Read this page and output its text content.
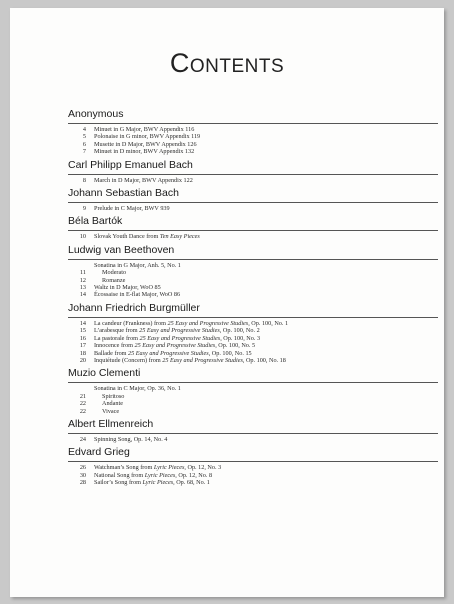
Contents
Anonymous
4 Minuet in G Major, BWV Appendix 116
5 Polonaise in G minor, BWV Appendix 119
6 Musette in D Major, BWV Appendix 126
7 Minuet in D minor, BWV Appendix 132
Carl Philipp Emanuel Bach
8 March in D Major, BWV Appendix 122
Johann Sebastian Bach
9 Prelude in C Major, BWV 939
Béla Bartók
10 Slovak Youth Dance from Ten Easy Pieces
Ludwig van Beethoven
Sonatina in G Major, Anh. 5, No. 1
11	Moderato
12	Romanze
13 Waltz in D Major, WoO 85
14 Écossaise in E-flat Major, WoO 86
Johann Friedrich Burgmüller
14 La candeur (Frankness) from 25 Easy and Progressive Studies, Op. 100, No. 1
15 L’arabesque from 25 Easy and Progressive Studies, Op. 100, No. 2
16 La pastorale from 25 Easy and Progressive Studies, Op. 100, No. 3
17 Innocence from 25 Easy and Progressive Studies, Op. 100, No. 5
18 Ballade from 25 Easy and Progressive Studies, Op. 100, No. 15
20 Inquiétude (Concern) from 25 Easy and Progressive Studies, Op. 100, No. 18
Muzio Clementi
Sonatina in C Major, Op. 36, No. 1
21	Spiritoso
22	Andante
22	Vivace
Albert Ellmenreich
24 Spinning Song, Op. 14, No. 4
Edvard Grieg
26 Watchman’s Song from Lyric Pieces, Op. 12, No. 3
30 National Song from Lyric Pieces, Op. 12, No. 8
28 Sailor’s Song from Lyric Pieces, Op. 68, No. 1
